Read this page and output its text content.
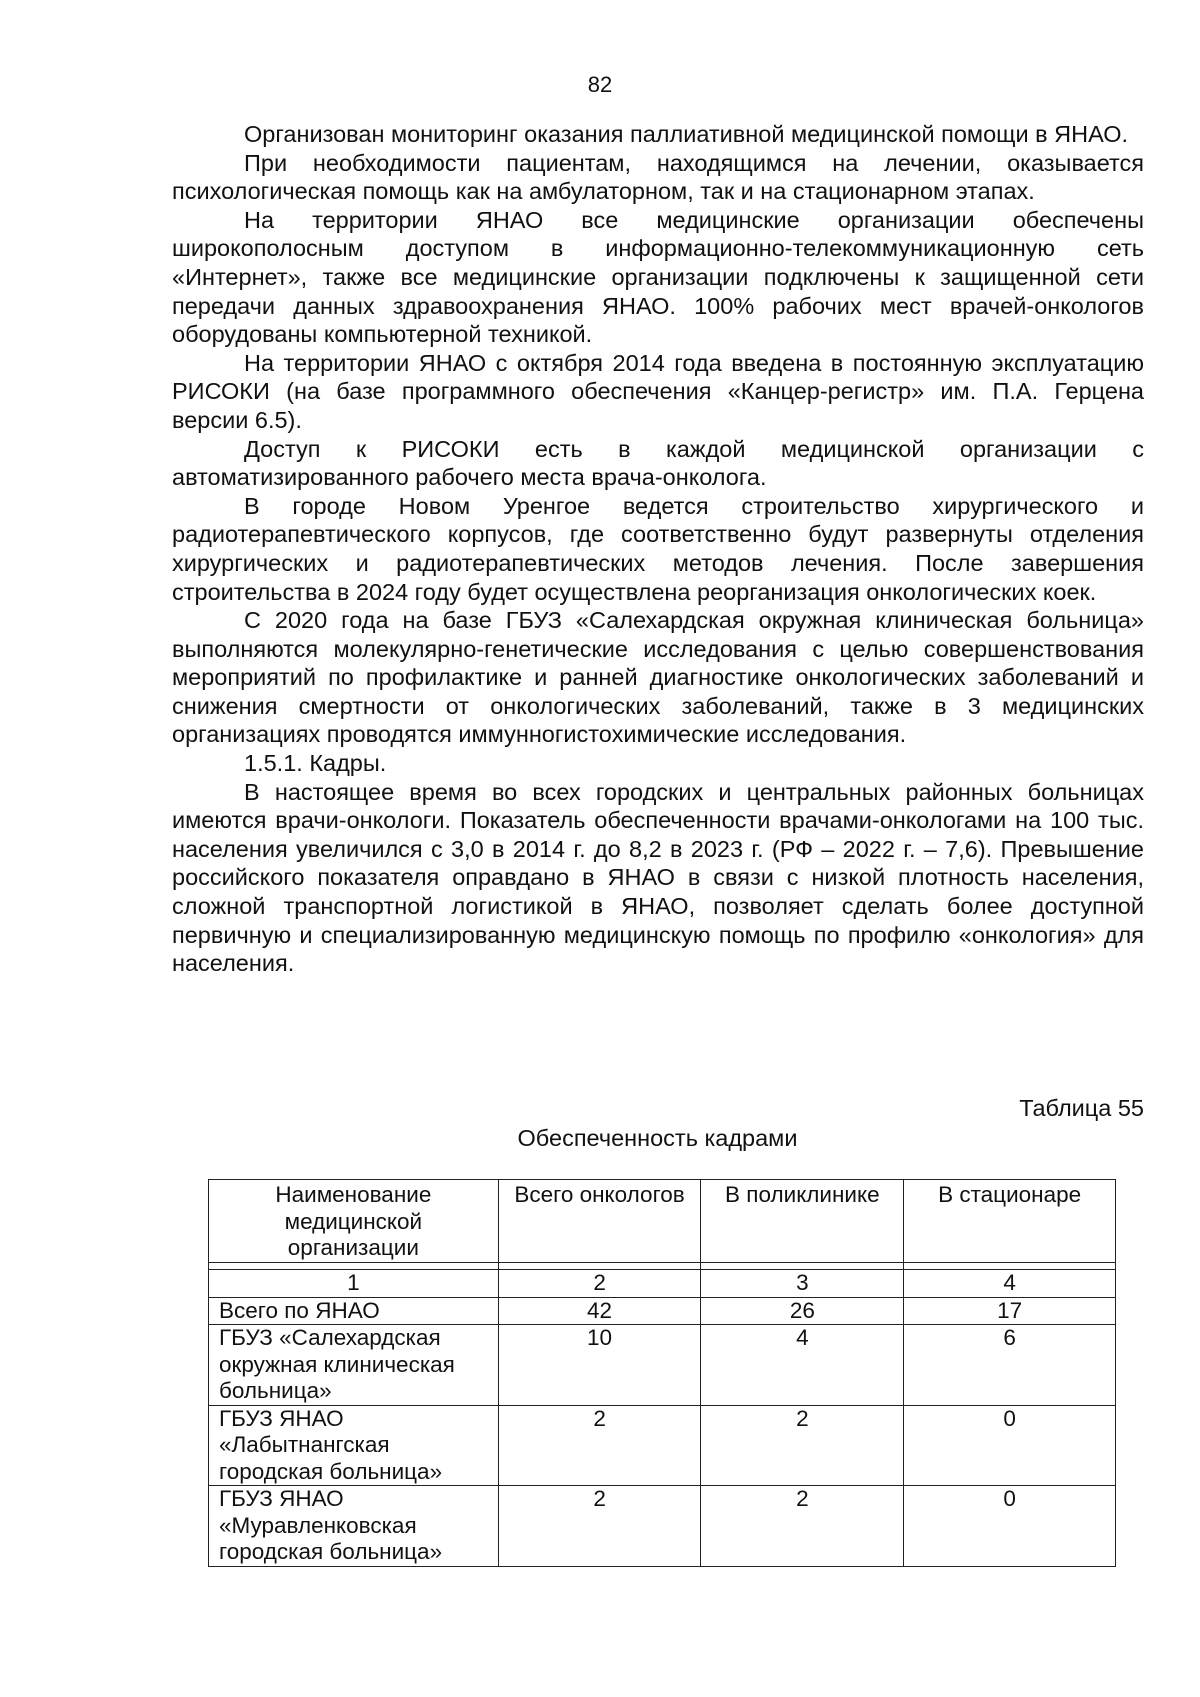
82

Организован мониторинг оказания паллиативной медицинской помощи в ЯНАО.

При необходимости пациентам, находящимся на лечении, оказывается психологическая помощь как на амбулаторном, так и на стационарном этапах.

На территории ЯНАО все медицинские организации обеспечены широкополосным доступом в информационно-телекоммуникационную сеть «Интернет», также все медицинские организации подключены к защищенной сети передачи данных здравоохранения ЯНАО. 100% рабочих мест врачей-онкологов оборудованы компьютерной техникой.

На территории ЯНАО с октября 2014 года введена в постоянную эксплуатацию РИСОКИ (на базе программного обеспечения «Канцер-регистр» им. П.А. Герцена версии 6.5).

Доступ к РИСОКИ есть в каждой медицинской организации с автоматизированного рабочего места врача-онколога.

В городе Новом Уренгое ведется строительство хирургического и радиотерапевтического корпусов, где соответственно будут развернуты отделения хирургических и радиотерапевтических методов лечения. После завершения строительства в 2024 году будет осуществлена реорганизация онкологических коек.

С 2020 года на базе ГБУЗ «Салехардская окружная клиническая больница» выполняются молекулярно-генетические исследования с целью совершенствования мероприятий по профилактике и ранней диагностике онкологических заболеваний и снижения смертности от онкологических заболеваний, также в 3 медицинских организациях проводятся иммунногистохимические исследования.

1.5.1. Кадры.

В настоящее время во всех городских и центральных районных больницах имеются врачи-онкологи. Показатель обеспеченности врачами-онкологами на 100 тыс. населения увеличился с 3,0 в 2014 г. до 8,2 в 2023 г. (РФ – 2022 г. – 7,6). Превышение российского показателя оправдано в ЯНАО в связи с низкой плотность населения, сложной транспортной логистикой в ЯНАО, позволяет сделать более доступной первичную и специализированную медицинскую помощь по профилю «онкология» для населения.

Таблица 55
Обеспеченность кадрами
Наименование медицинской организации	Всего онкологов	В поликлинике	В стационаре

1	2	3	4
Всего по ЯНАО	42	26	17
ГБУЗ «Салехардская окружная клиническая больница»	10	4	6
ГБУЗ ЯНАО «Лабытнангская городская больница»	2	2	0
ГБУЗ ЯНАО «Муравленковская городская больница»	2	2	0
